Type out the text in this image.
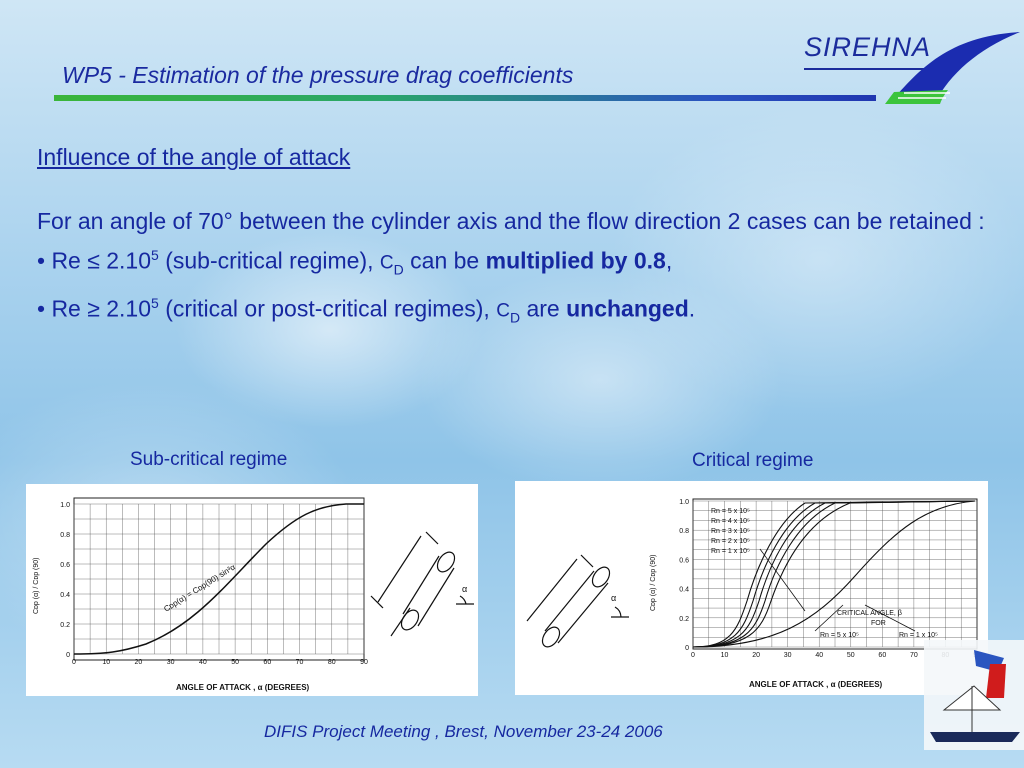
SIREHNA
WP5 - Estimation of the pressure drag coefficients

Influence of the angle of attack

For an angle of 70° between the cylinder axis and the flow direction 2 cases can be retained :

• $Re \le 2.10^5$ (sub-critical regime), $C_D$ can be multiplied by 0.8,

• $Re \ge 2.10^5$ (critical or post-critical regimes), $C_D$ are unchanged.

Sub-critical regime	Critical regime
0
0.2
0.4
0.6
0.8
1.0
0	10	20	30	40	50	60	70	80	90
Cᴅp(α) = Cᴅp(90) sin³α
ANGLE OF ATTACK , α (DEGREES)
Cᴅp (α) / Cᴅp (90)	α
0
0.2
0.4
0.6
0.8
1.0
0	10	20	30	40	50	60	70
Rn = 5 x 10⁵
Rn = 4 x 10⁵
Rn = 3 x 10⁵
Rn = 2 x 10⁵
Rn = 1 x 10⁵
CRITICAL ANGLE, β
FOR
Rn = 5 x 10⁵	Rn = 1 x 10⁵
ANGLE OF ATTACK , α (DEGREES)
Cᴅp (α) / Cᴅp (90)
α
DIFIS Project Meeting , Brest, November 23-24 2006
